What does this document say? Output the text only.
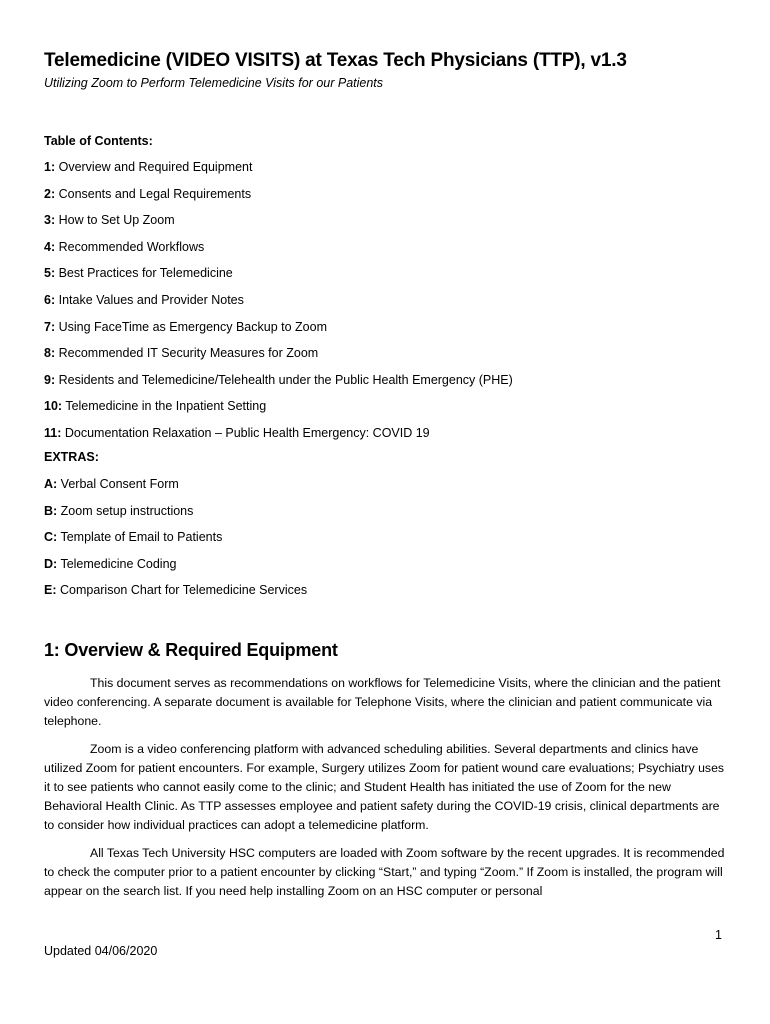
Telemedicine (VIDEO VISITS) at Texas Tech Physicians (TTP), v1.3
Utilizing Zoom to Perform Telemedicine Visits for our Patients
Table of Contents:
1: Overview and Required Equipment
2: Consents and Legal Requirements
3: How to Set Up Zoom
4: Recommended Workflows
5: Best Practices for Telemedicine
6: Intake Values and Provider Notes
7: Using FaceTime as Emergency Backup to Zoom
8: Recommended IT Security Measures for Zoom
9: Residents and Telemedicine/Telehealth under the Public Health Emergency (PHE)
10: Telemedicine in the Inpatient Setting
11: Documentation Relaxation – Public Health Emergency: COVID 19
EXTRAS:
A: Verbal Consent Form
B: Zoom setup instructions
C: Template of Email to Patients
D: Telemedicine Coding
E: Comparison Chart for Telemedicine Services
1: Overview & Required Equipment

This document serves as recommendations on workflows for Telemedicine Visits, where the clinician and the patient video conferencing. A separate document is available for Telephone Visits, where the clinician and patient communicate via telephone.

Zoom is a video conferencing platform with advanced scheduling abilities. Several departments and clinics have utilized Zoom for patient encounters. For example, Surgery utilizes Zoom for patient wound care evaluations; Psychiatry uses it to see patients who cannot easily come to the clinic; and Student Health has initiated the use of Zoom for the new Behavioral Health Clinic. As TTP assesses employee and patient safety during the COVID-19 crisis, clinical departments are to consider how individual practices can adopt a telemedicine platform.

All Texas Tech University HSC computers are loaded with Zoom software by the recent upgrades. It is recommended to check the computer prior to a patient encounter by clicking “Start,” and typing “Zoom.” If Zoom is installed, the program will appear on the search list. If you need help installing Zoom on an HSC computer or personal

1
Updated 04/06/2020
